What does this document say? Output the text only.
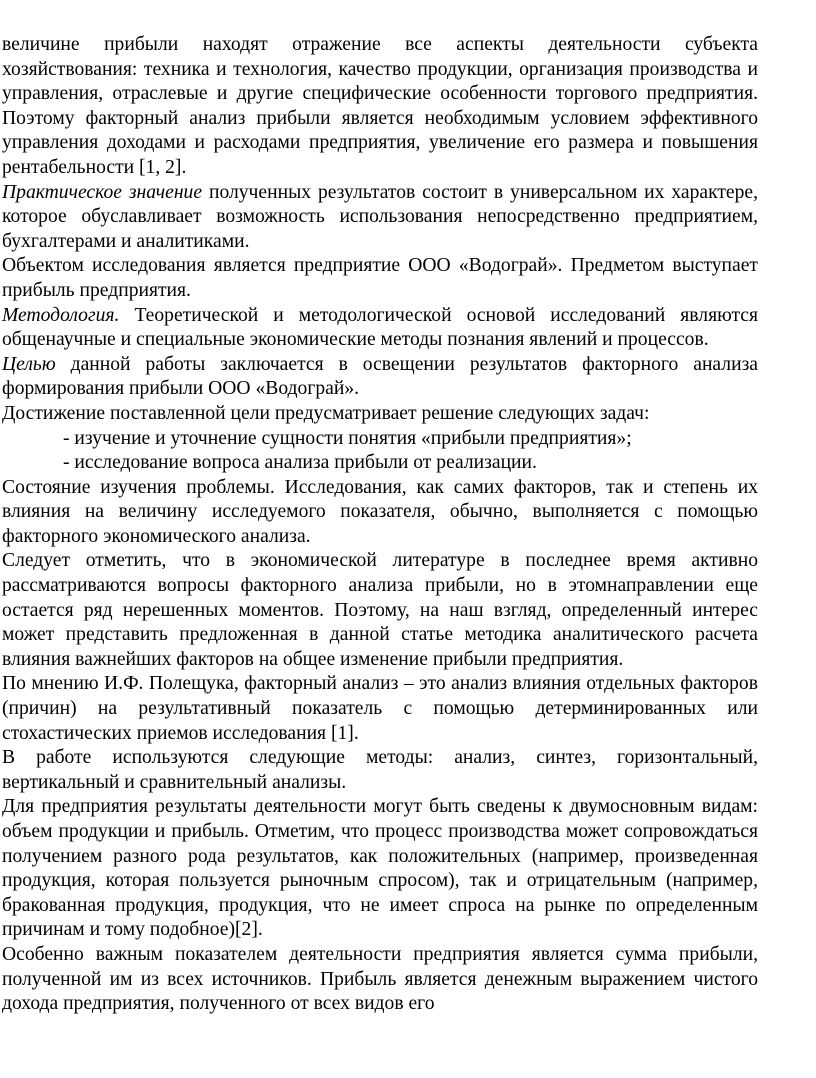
величине прибыли находят отражение все аспекты деятельности субъекта хозяйствования: техника и технология, качество продукции, организация производства и управления, отраслевые и другие специфические особенности торгового предприятия. Поэтому факторный анализ прибыли является необходимым условием эффективного управления доходами и расходами предприятия, увеличение его размера и повышения рентабельности [1, 2].

Практическое значение полученных результатов состоит в универсальном их характере, которое обуславливает возможность использования непосредственно предприятием, бухгалтерами и аналитиками.

Объектом исследования является предприятие ООО «Водограй». Предметом выступает прибыль предприятия.

Методология. Теоретической и методологической основой исследований являются общенаучные и специальные экономические методы познания явлений и процессов.

Целью данной работы заключается в освещении результатов факторного анализа формирования прибыли ООО «Водограй».

Достижение поставленной цели предусматривает решение следующих задач:

- изучение и уточнение сущности понятия «прибыли предприятия»;

- исследование вопроса анализа прибыли от реализации.

Состояние изучения проблемы. Исследования, как самих факторов, так и степень их влияния на величину исследуемого показателя, обычно, выполняется с помощью факторного экономического анализа.

Следует отметить, что в экономической литературе в последнее время активно рассматриваются вопросы факторного анализа прибыли, но в этомнаправлении еще остается ряд нерешенных моментов. Поэтому, на наш взгляд, определенный интерес может представить предложенная в данной статье методика аналитического расчета влияния важнейших факторов на общее изменение прибыли предприятия.

По мнению И.Ф. Полещука, факторный анализ – это анализ влияния отдельных факторов (причин) на результативный показатель с помощью детерминированных или стохастических приемов исследования [1].

В работе используются следующие методы: анализ, синтез, горизонтальный, вертикальный и сравнительный анализы.

Для предприятия результаты деятельности могут быть сведены к двумосновным видам: объем продукции и прибыль. Отметим, что процесс производства может сопровождаться получением разного рода результатов, как положительных (например, произведенная продукция, которая пользуется рыночным спросом), так и отрицательным (например, бракованная продукция, продукция, что не имеет спроса на рынке по определенным причинам и тому подобное)[2].

Особенно важным показателем деятельности предприятия является сумма прибыли, полученной им из всех источников. Прибыль является денежным выражением чистого дохода предприятия, полученного от всех видов его
